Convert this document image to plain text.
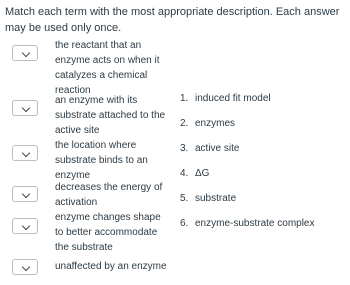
Match each term with the most appropriate description. Each answer may be used only once.
the reactant that an enzyme acts on when it catalyzes a chemical reaction
an enzyme with its substrate attached to the active site
the location where substrate binds to an enzyme
decreases the energy of activation
enzyme changes shape to better accommodate the substrate
unaffected by an enzyme
1. induced fit model
2. enzymes
3. active site
4. ΔG
5. substrate
6. enzyme-substrate complex
